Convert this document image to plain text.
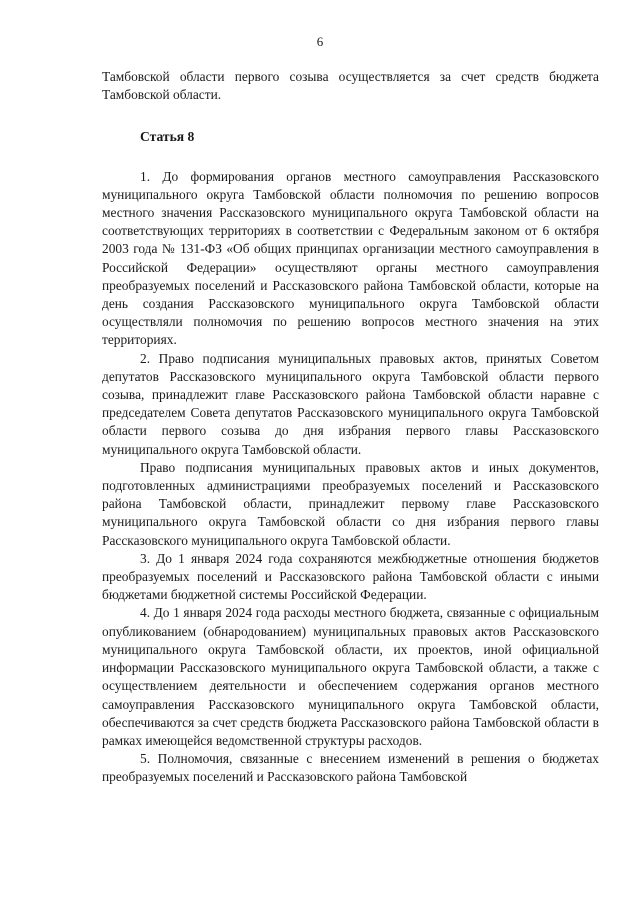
6

Тамбовской области первого созыва осуществляется за счет средств бюджета Тамбовской области.

Статья 8

1. До формирования органов местного самоуправления Рассказовского муниципального округа Тамбовской области полномочия по решению вопросов местного значения Рассказовского муниципального округа Тамбовской области на соответствующих территориях в соответствии с Федеральным законом от 6 октября 2003 года № 131-ФЗ «Об общих принципах организации местного самоуправления в Российской Федерации» осуществляют органы местного самоуправления преобразуемых поселений и Рассказовского района Тамбовской области, которые на день создания Рассказовского муниципального округа Тамбовской области осуществляли полномочия по решению вопросов местного значения на этих территориях.

2. Право подписания муниципальных правовых актов, принятых Советом депутатов Рассказовского муниципального округа Тамбовской области первого созыва, принадлежит главе Рассказовского района Тамбовской области наравне с председателем Совета депутатов Рассказовского муниципального округа Тамбовской области первого созыва до дня избрания первого главы Рассказовского муниципального округа Тамбовской области.

Право подписания муниципальных правовых актов и иных документов, подготовленных администрациями преобразуемых поселений и Рассказовского района Тамбовской области, принадлежит первому главе Рассказовского муниципального округа Тамбовской области со дня избрания первого главы Рассказовского муниципального округа Тамбовской области.

3. До 1 января 2024 года сохраняются межбюджетные отношения бюджетов преобразуемых поселений и Рассказовского района Тамбовской области с иными бюджетами бюджетной системы Российской Федерации.

4. До 1 января 2024 года расходы местного бюджета, связанные с официальным опубликованием (обнародованием) муниципальных правовых актов Рассказовского муниципального округа Тамбовской области, их проектов, иной официальной информации Рассказовского муниципального округа Тамбовской области, а также с осуществлением деятельности и обеспечением содержания органов местного самоуправления Рассказовского муниципального округа Тамбовской области, обеспечиваются за счет средств бюджета Рассказовского района Тамбовской области в рамках имеющейся ведомственной структуры расходов.

5. Полномочия, связанные с внесением изменений в решения о бюджетах преобразуемых поселений и Рассказовского района Тамбовской
